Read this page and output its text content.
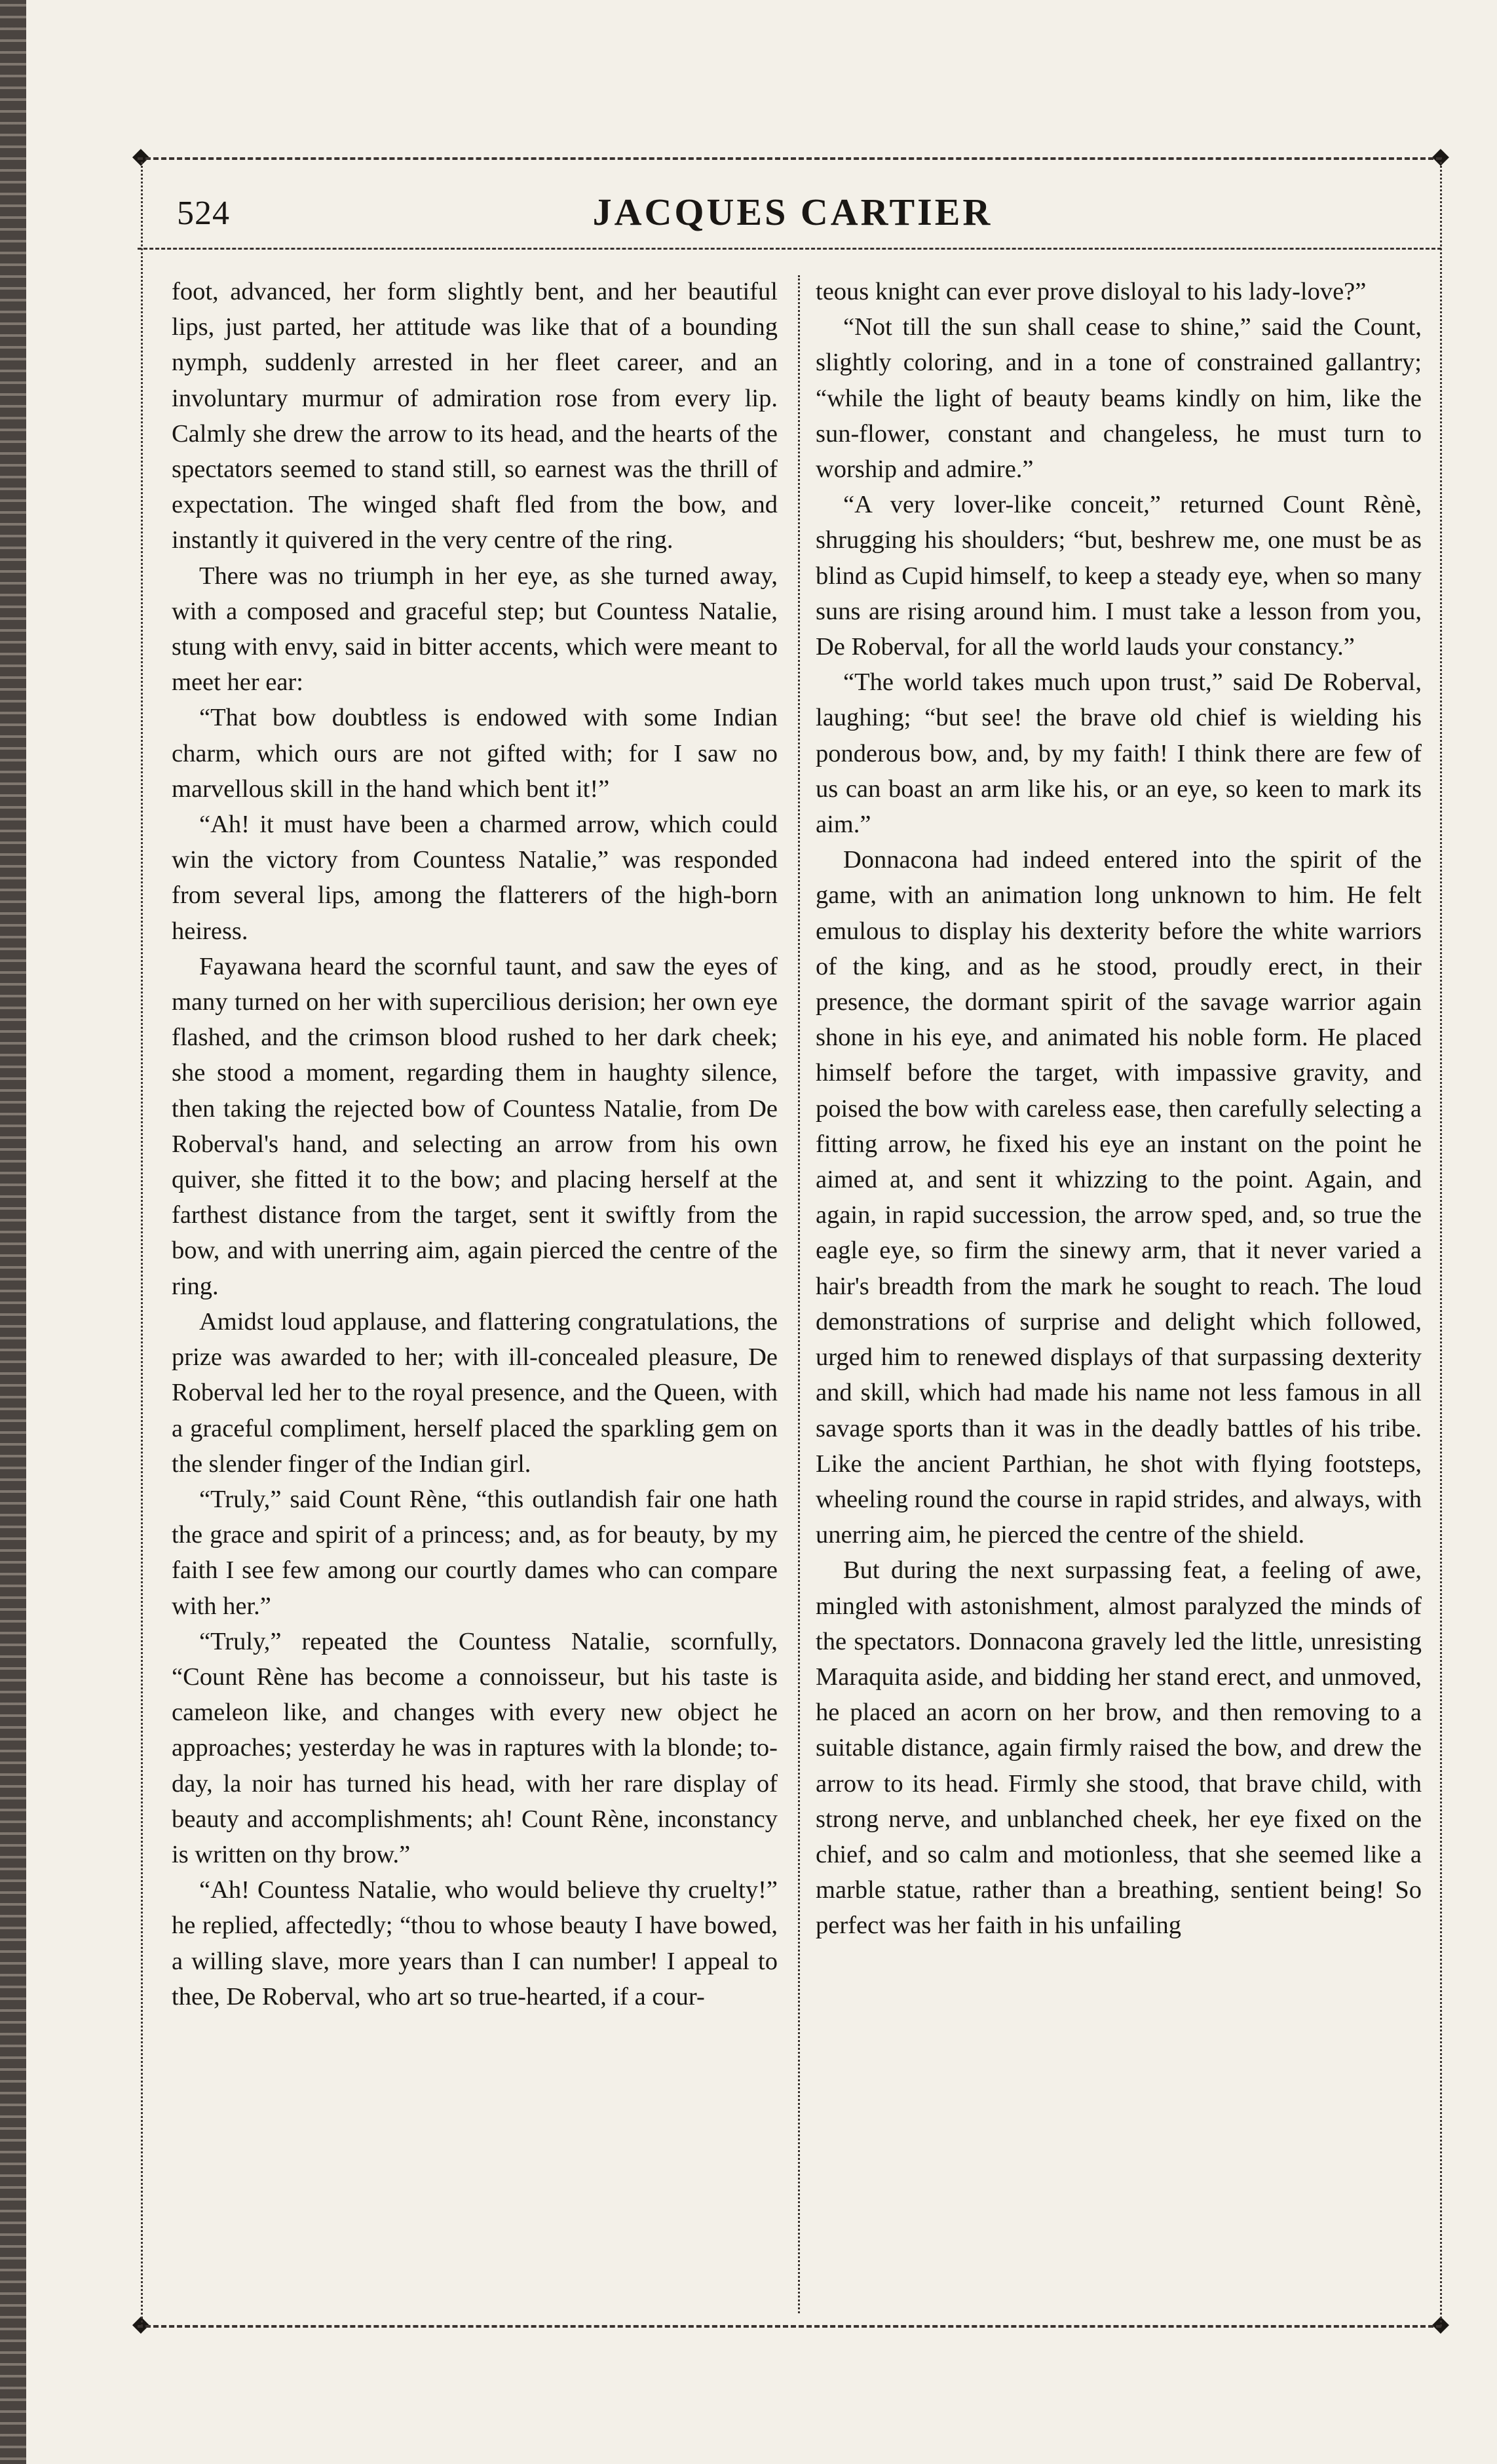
◆	◆
◆	◆
524	JACQUES CARTIER

foot, advanced, her form slightly bent, and her beautiful lips, just parted, her attitude was like that of a bounding nymph, suddenly arrested in her fleet career, and an involuntary murmur of admiration rose from every lip. Calmly she drew the arrow to its head, and the hearts of the spectators seemed to stand still, so earnest was the thrill of expectation. The winged shaft fled from the bow, and instantly it quivered in the very centre of the ring.

There was no triumph in her eye, as she turned away, with a composed and graceful step; but Countess Natalie, stung with envy, said in bitter accents, which were meant to meet her ear:

“That bow doubtless is endowed with some Indian charm, which ours are not gifted with; for I saw no marvellous skill in the hand which bent it!”

“Ah! it must have been a charmed arrow, which could win the victory from Countess Natalie,” was responded from several lips, among the flatterers of the high-born heiress.

Fayawana heard the scornful taunt, and saw the eyes of many turned on her with supercilious derision; her own eye flashed, and the crimson blood rushed to her dark cheek; she stood a moment, regarding them in haughty silence, then taking the rejected bow of Countess Natalie, from De Roberval's hand, and selecting an arrow from his own quiver, she fitted it to the bow; and placing herself at the farthest distance from the target, sent it swiftly from the bow, and with unerring aim, again pierced the centre of the ring.

Amidst loud applause, and flattering congratulations, the prize was awarded to her; with ill-concealed pleasure, De Roberval led her to the royal presence, and the Queen, with a graceful compliment, herself placed the sparkling gem on the slender finger of the Indian girl.

“Truly,” said Count Rène, “this outlandish fair one hath the grace and spirit of a princess; and, as for beauty, by my faith I see few among our courtly dames who can compare with her.”

“Truly,” repeated the Countess Natalie, scornfully, “Count Rène has become a connoisseur, but his taste is cameleon like, and changes with every new object he approaches; yesterday he was in raptures with la blonde; to-day, la noir has turned his head, with her rare display of beauty and accomplishments; ah! Count Rène, inconstancy is written on thy brow.”

“Ah! Countess Natalie, who would believe thy cruelty!” he replied, affectedly; “thou to whose beauty I have bowed, a willing slave, more years than I can number! I appeal to thee, De Roberval, who art so true-hearted, if a cour-

teous knight can ever prove disloyal to his lady-love?”

“Not till the sun shall cease to shine,” said the Count, slightly coloring, and in a tone of constrained gallantry; “while the light of beauty beams kindly on him, like the sun-flower, constant and changeless, he must turn to worship and admire.”

“A very lover-like conceit,” returned Count Rènè, shrugging his shoulders; “but, beshrew me, one must be as blind as Cupid himself, to keep a steady eye, when so many suns are rising around him. I must take a lesson from you, De Roberval, for all the world lauds your constancy.”

“The world takes much upon trust,” said De Roberval, laughing; “but see! the brave old chief is wielding his ponderous bow, and, by my faith! I think there are few of us can boast an arm like his, or an eye, so keen to mark its aim.”

Donnacona had indeed entered into the spirit of the game, with an animation long unknown to him. He felt emulous to display his dexterity before the white warriors of the king, and as he stood, proudly erect, in their presence, the dormant spirit of the savage warrior again shone in his eye, and animated his noble form. He placed himself before the target, with impassive gravity, and poised the bow with careless ease, then carefully selecting a fitting arrow, he fixed his eye an instant on the point he aimed at, and sent it whizzing to the point. Again, and again, in rapid succession, the arrow sped, and, so true the eagle eye, so firm the sinewy arm, that it never varied a hair's breadth from the mark he sought to reach. The loud demonstrations of surprise and delight which followed, urged him to renewed displays of that surpassing dexterity and skill, which had made his name not less famous in all savage sports than it was in the deadly battles of his tribe. Like the ancient Parthian, he shot with flying footsteps, wheeling round the course in rapid strides, and always, with unerring aim, he pierced the centre of the shield.

But during the next surpassing feat, a feeling of awe, mingled with astonishment, almost paralyzed the minds of the spectators. Donnacona gravely led the little, unresisting Maraquita aside, and bidding her stand erect, and unmoved, he placed an acorn on her brow, and then removing to a suitable distance, again firmly raised the bow, and drew the arrow to its head. Firmly she stood, that brave child, with strong nerve, and unblanched cheek, her eye fixed on the chief, and so calm and motionless, that she seemed like a marble statue, rather than a breathing, sentient being! So perfect was her faith in his unfailing
